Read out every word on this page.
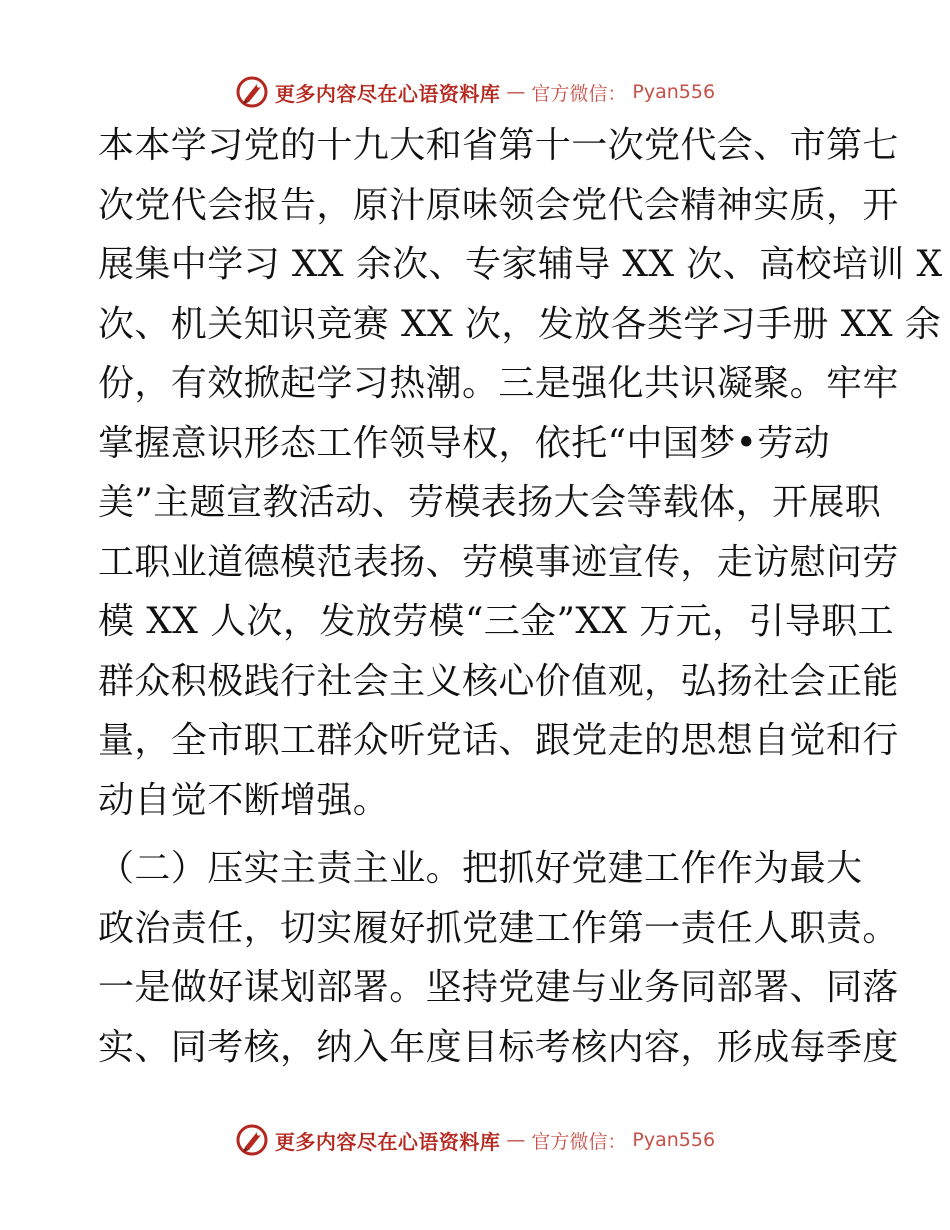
更多内容尽在心语资料库 — 官方微信： Pyan556
本本学习党的十九大和省第十一次党代会、市第七
次党代会报告，原汁原味领会党代会精神实质，开
展集中学习 XX 余次、专家辅导 XX 次、高校培训 X
次、机关知识竞赛 XX 次，发放各类学习手册 XX 余
份，有效掀起学习热潮。三是强化共识凝聚。牢牢
掌握意识形态工作领导权，依托“中国梦•劳动
美”主题宣教活动、劳模表扬大会等载体，开展职
工职业道德模范表扬、劳模事迹宣传，走访慰问劳
模 XX 人次，发放劳模“三金”XX 万元，引导职工
群众积极践行社会主义核心价值观，弘扬社会正能
量，全市职工群众听党话、跟党走的思想自觉和行
动自觉不断增强。
（二）压实主责主业。把抓好党建工作作为最大
政治责任，切实履好抓党建工作第一责任人职责。
一是做好谋划部署。坚持党建与业务同部署、同落
实、同考核，纳入年度目标考核内容，形成每季度
更多内容尽在心语资料库 — 官方微信： Pyan556
